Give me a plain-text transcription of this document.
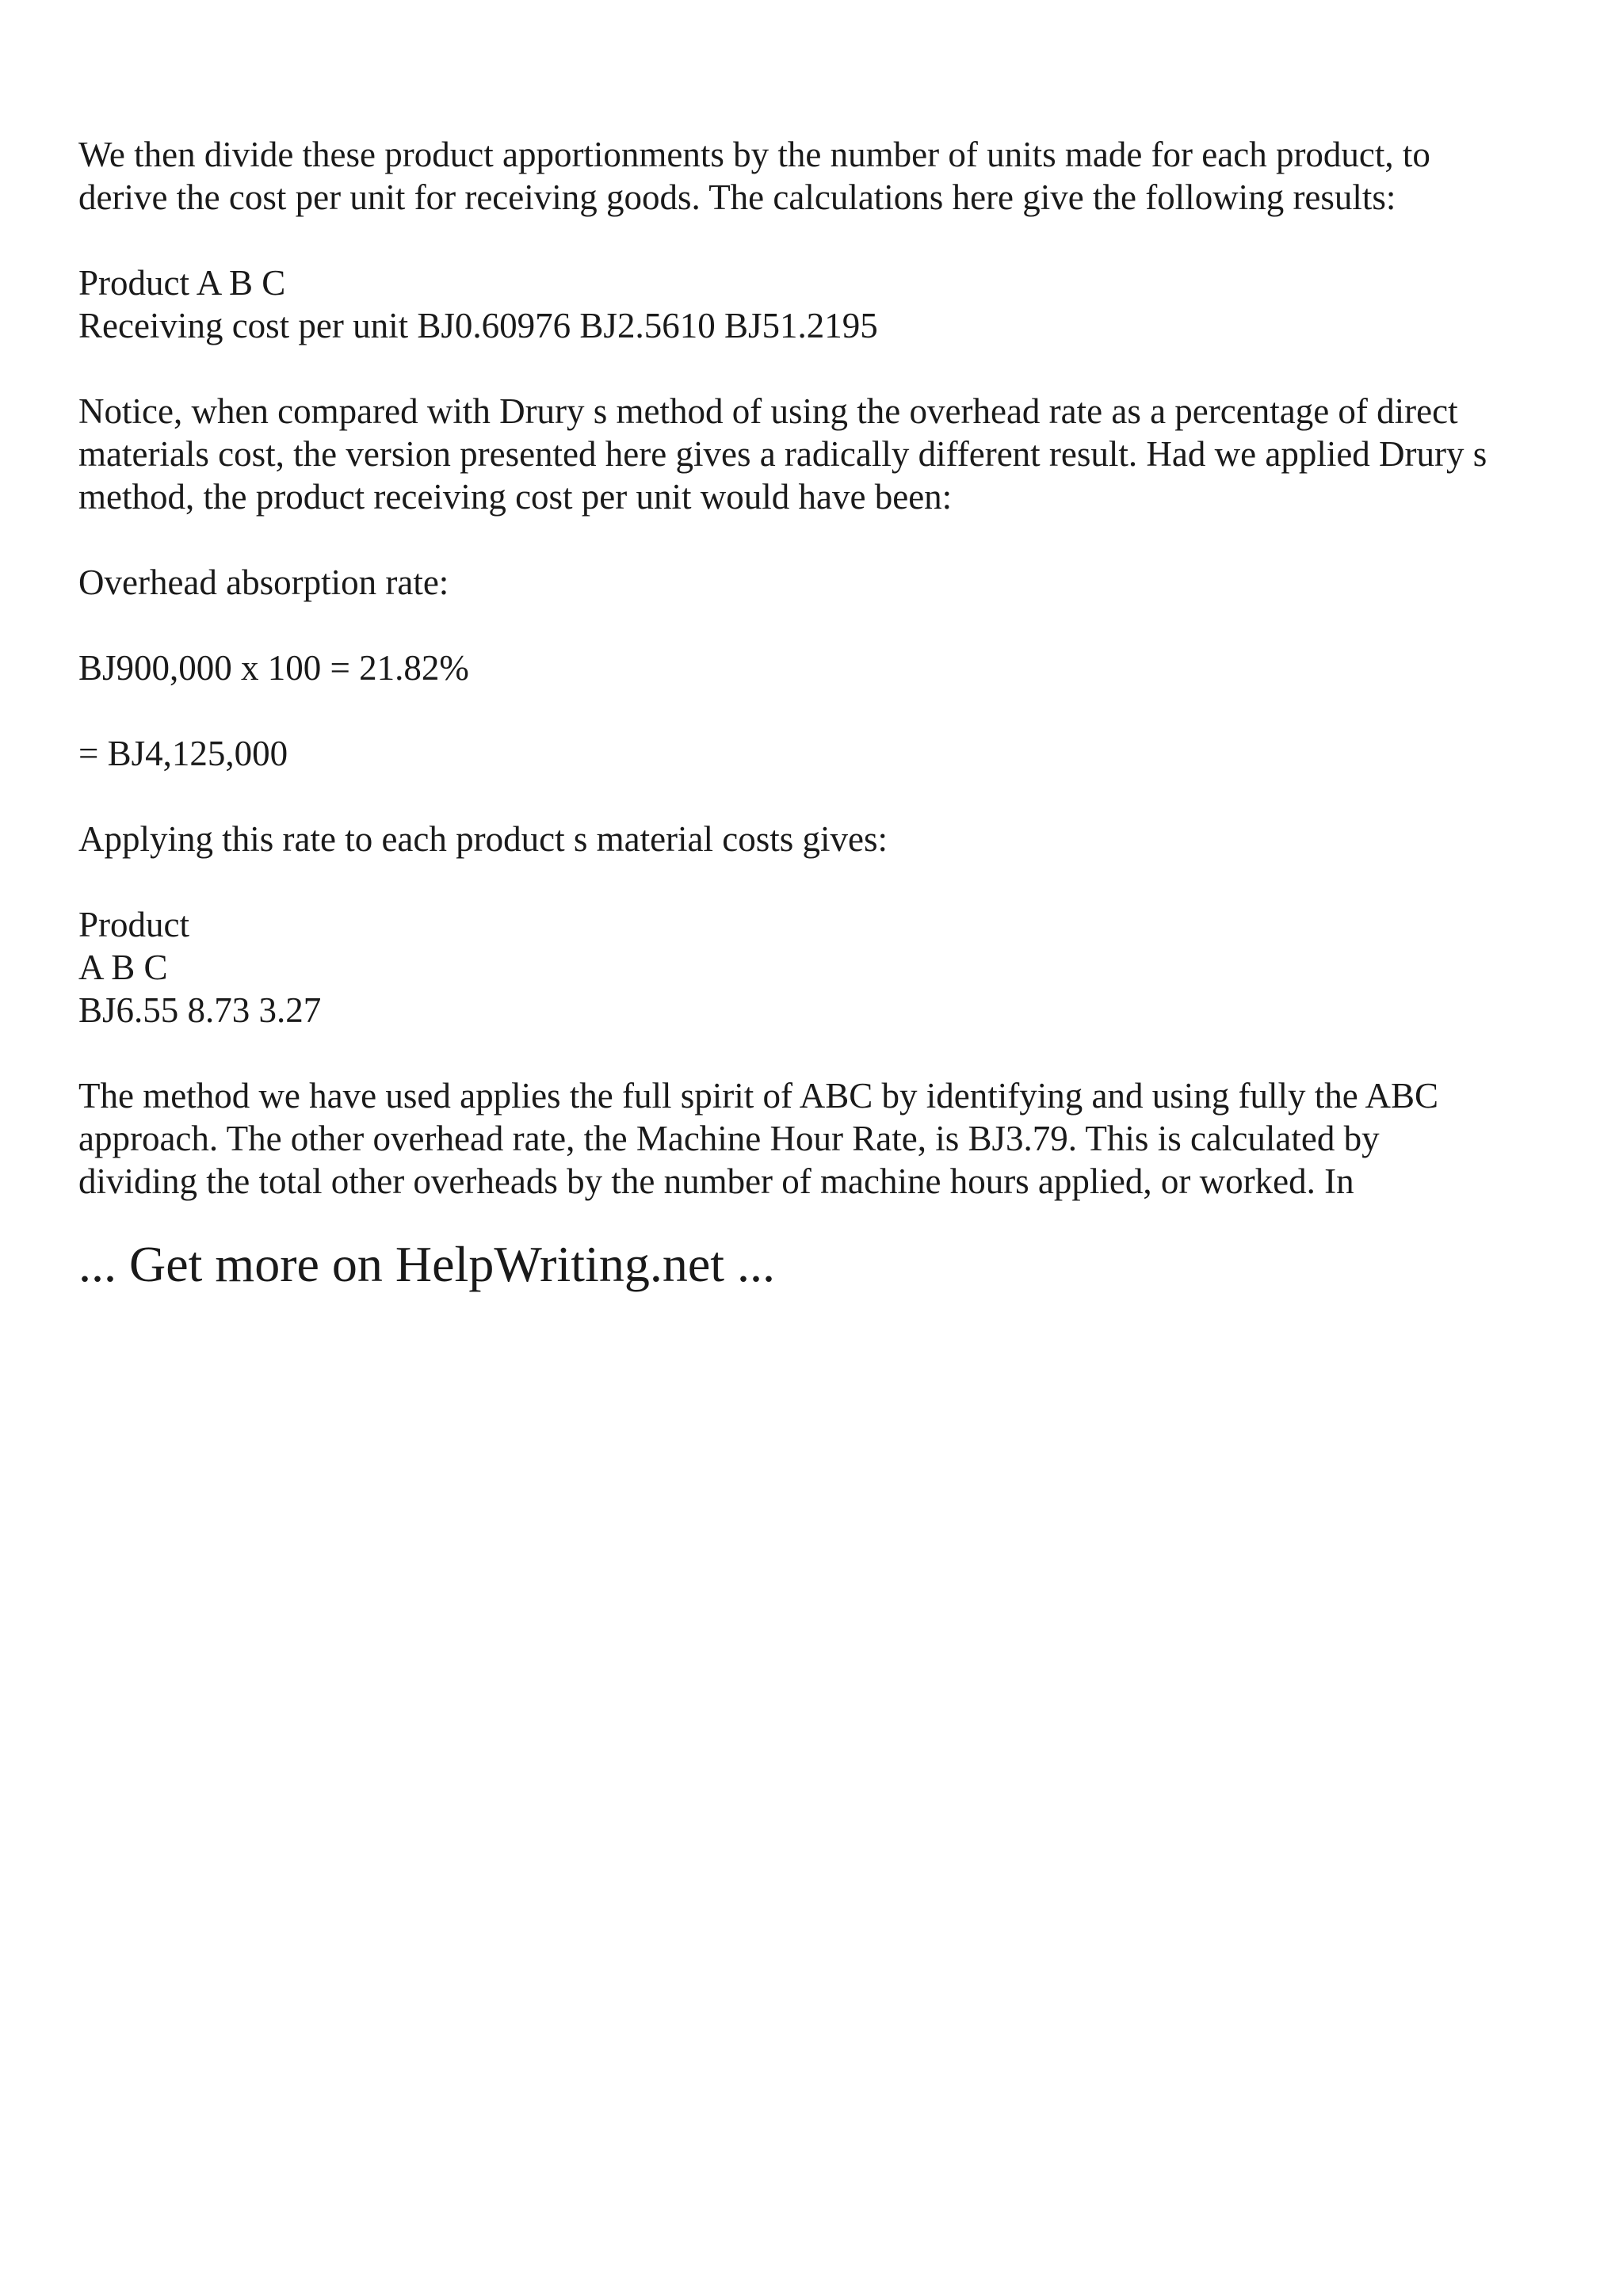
We then divide these product apportionments by the number of units made for each product, to
derive the cost per unit for receiving goods. The calculations here give the following results:

Product A B C
Receiving cost per unit BJ0.60976 BJ2.5610 BJ51.2195

Notice, when compared with Drury s method of using the overhead rate as a percentage of direct
materials cost, the version presented here gives a radically different result. Had we applied Drury s
method, the product receiving cost per unit would have been:

Overhead absorption rate:

BJ900,000 x 100 = 21.82%

= BJ4,125,000

Applying this rate to each product s material costs gives:

Product
A B C
BJ6.55 8.73 3.27

The method we have used applies the full spirit of ABC by identifying and using fully the ABC
approach. The other overhead rate, the Machine Hour Rate, is BJ3.79. This is calculated by
dividing the total other overheads by the number of machine hours applied, or worked. In

... Get more on HelpWriting.net ...
